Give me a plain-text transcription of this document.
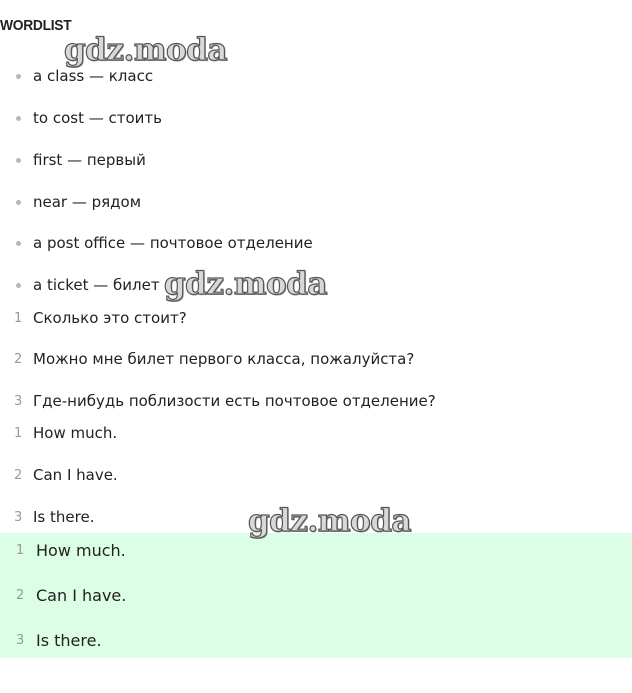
WORDLIST
a class — класс
to cost — стоить
first — первый
near — рядом
a post office — почтовое отделение
a ticket — билет
1 Сколько это стоит?
2 Можно мне билет первого класса, пожалуйста?
3 Где-нибудь поблизости есть почтовое отделение?
1 How much.
2 Can I have.
3 Is there.
1 How much.
2 Can I have.
3 Is there.
gdz.moda
gdz.moda
gdz.moda
